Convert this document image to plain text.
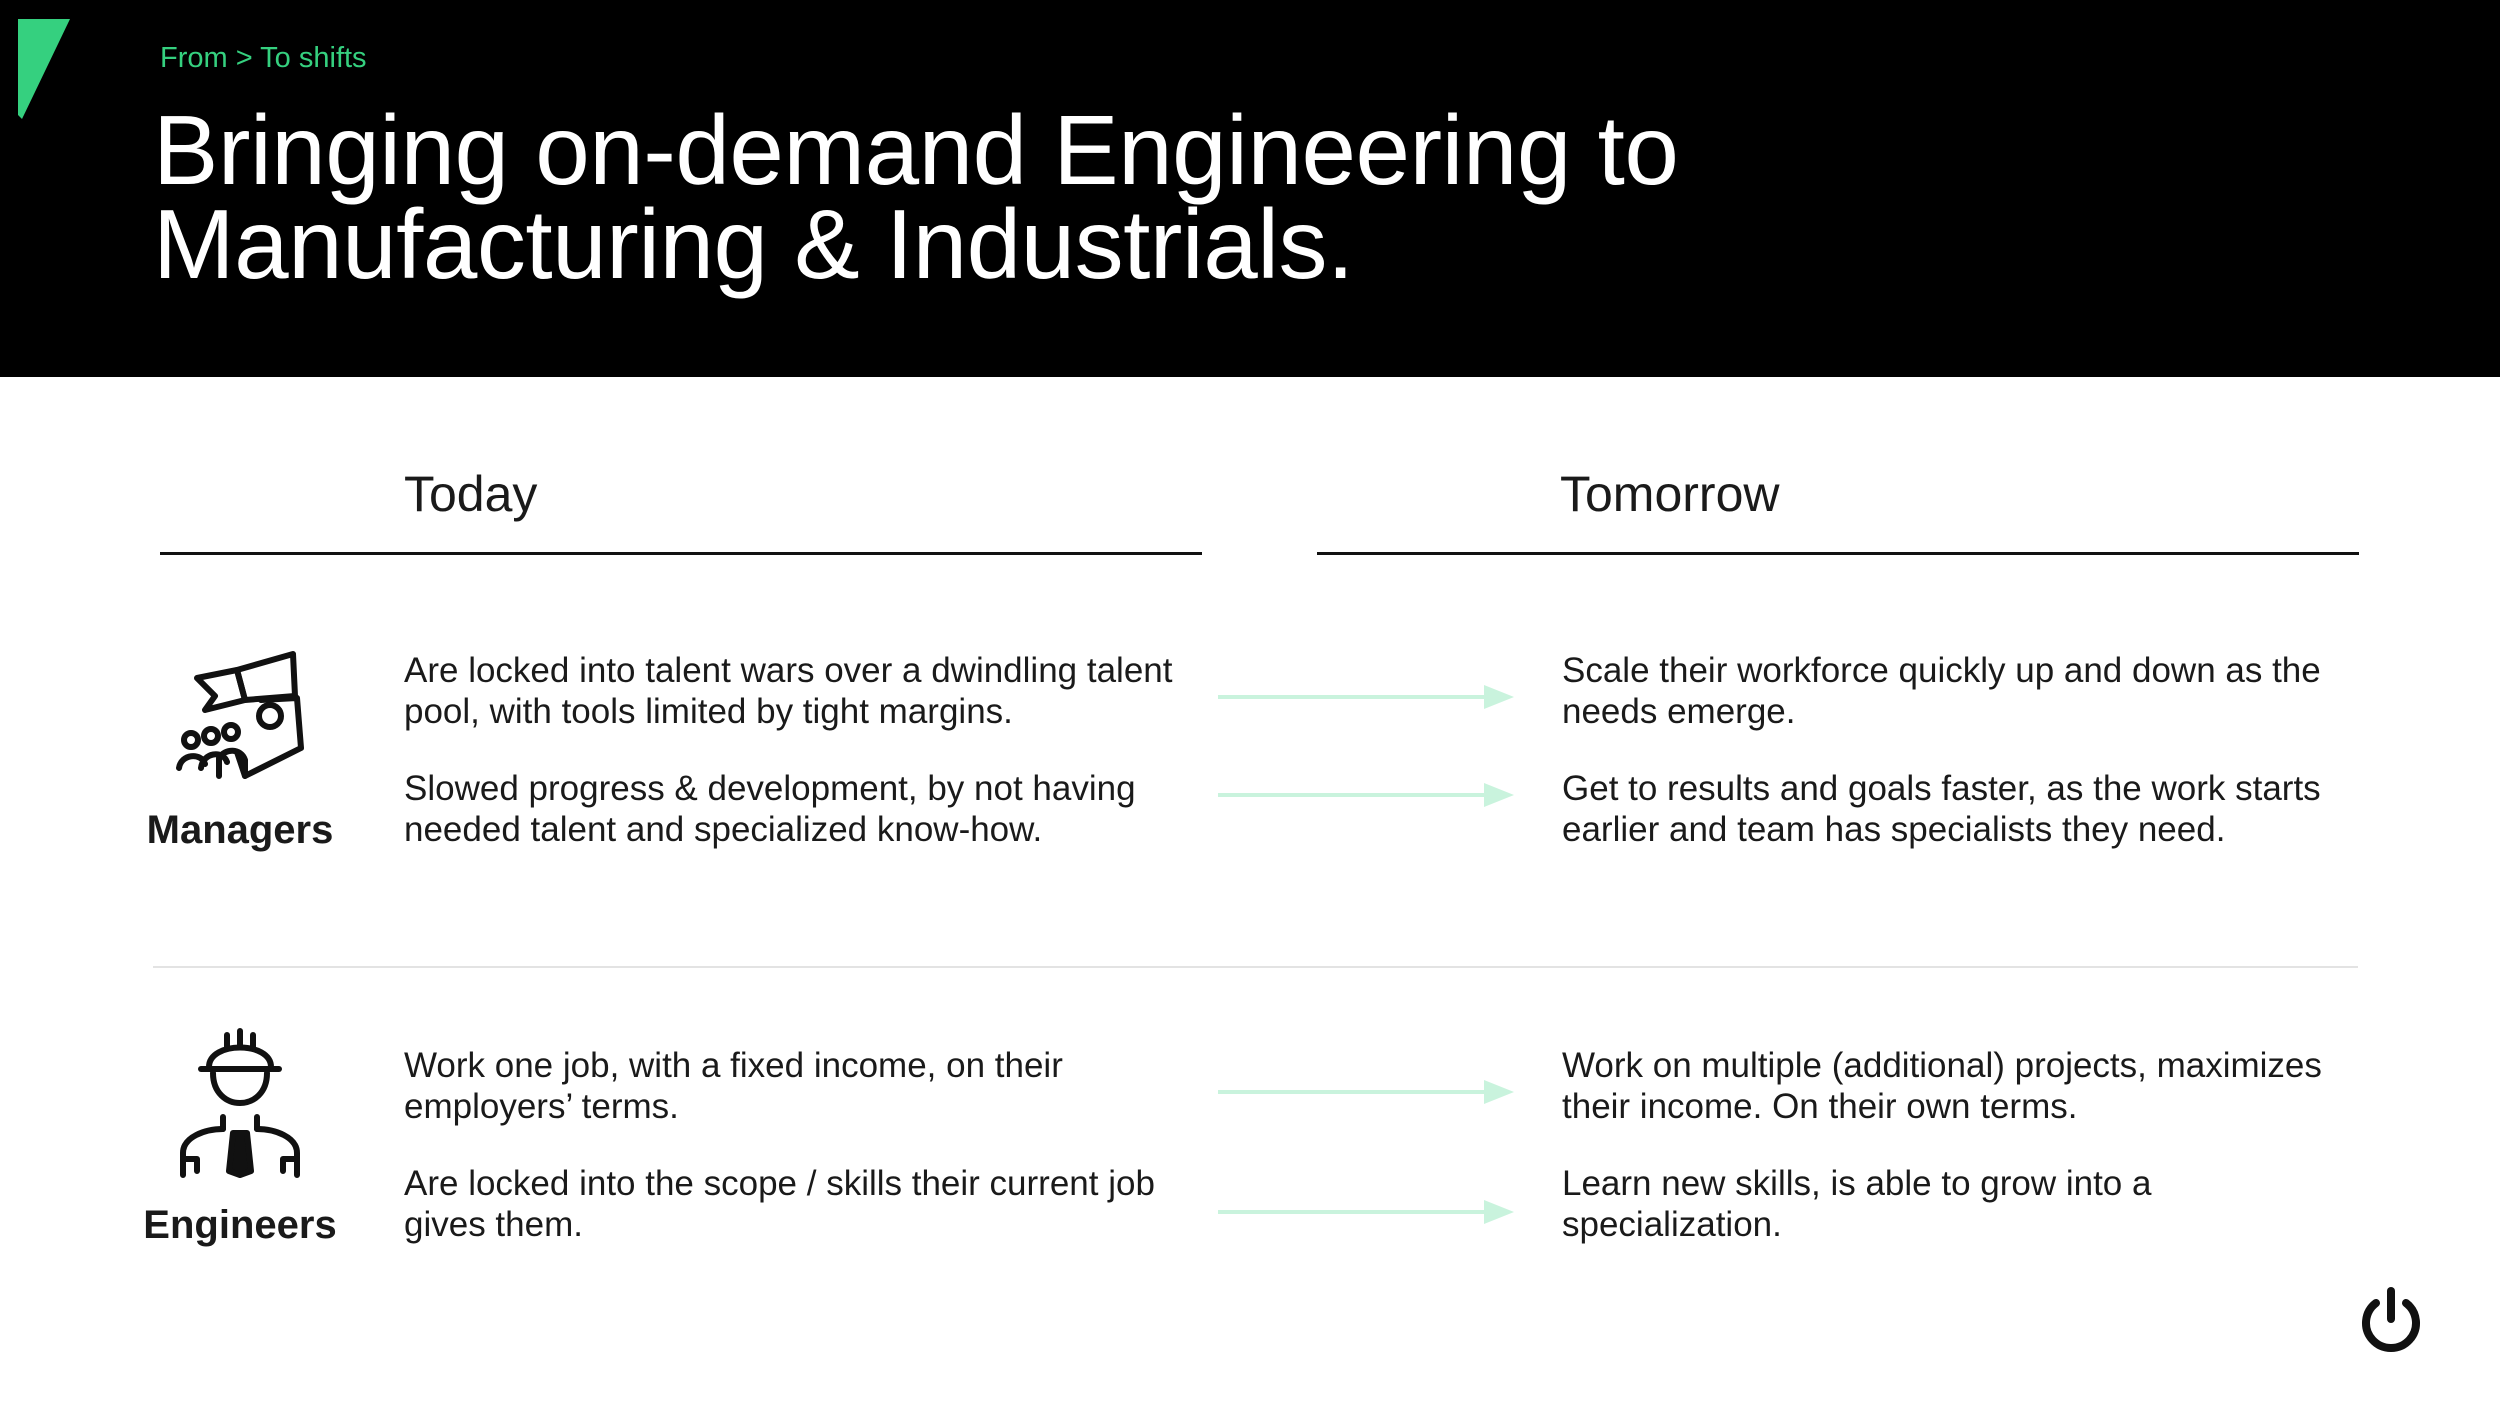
From > To shifts
Bringing on-demand Engineering to
Manufacturing & Industrials.
Today	Tomorrow
Managers
Are locked into talent wars over a dwindling talent pool, with tools limited by tight margins.
Scale their workforce quickly up and down as the needs emerge.
Slowed progress & development, by not having needed talent and specialized know-how.
Get to results and goals faster, as the work starts earlier and team has specialists they need.
Engineers
Work one job, with a fixed income, on their employers’ terms.
Work on multiple (additional) projects, maximizes their income. On their own terms.
Are locked into the scope / skills their current job gives them.
Learn new skills, is able to grow into a specialization.
